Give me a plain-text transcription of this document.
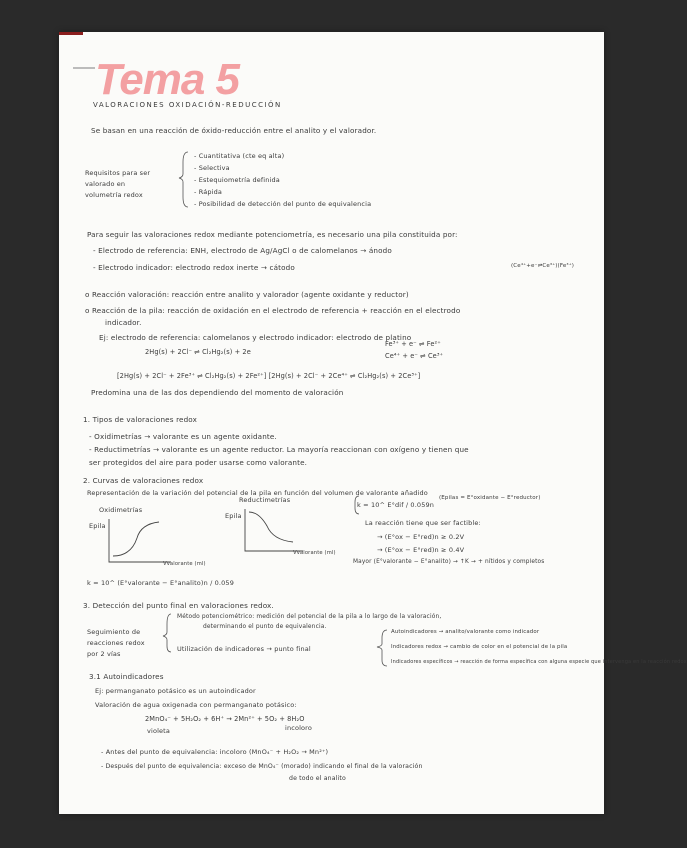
Tema 5
VALORACIONES OXIDACIÓN-REDUCCIÓN
Se basan en una reacción de óxido-reducción entre el analito y el valorador.
Requisitos para ser
valorado en
volumetría redox
- Cuantitativa (cte eq alta)
- Selectiva
- Estequiometría definida
- Rápida
- Posibilidad de detección del punto de equivalencia
Para seguir las valoraciones redox mediante potenciometría, es necesario una pila constituida por:
- Electrodo de referencia: ENH, electrodo de Ag/AgCl o de calomelanos → ánodo
- Electrodo indicador: electrodo redox inerte → cátodo	(Ce⁴⁺+e⁻⇌Ce³⁺)(Fe³⁺)
o Reacción valoración: reacción entre analito y valorador (agente oxidante y reductor)
o Reacción de la pila: reacción de oxidación en el electrodo de referencia + reacción en el electrodo
indicador.
Ej: electrodo de referencia: calomelanos y electrodo indicador: electrodo de platino
2Hg(s) + 2Cl⁻ ⇌ Cl₂Hg₂(s) + 2e
Fe³⁺ + e⁻ ⇌ Fe²⁺
Ce⁴⁺ + e⁻ ⇌ Ce³⁺
[2Hg(s) + 2Cl⁻ + 2Fe³⁺ ⇌ Cl₂Hg₂(s) + 2Fe²⁺] [2Hg(s) + 2Cl⁻ + 2Ce⁴⁺ ⇌ Cl₂Hg₂(s) + 2Ce³⁺]
Predomina una de las dos dependiendo del momento de valoración
1. Tipos de valoraciones redox
- Oxidimetrías → valorante es un agente oxidante.
- Reductimetrías → valorante es un agente reductor. La mayoría reaccionan con oxígeno y tienen que
ser protegidos del aire para poder usarse como valorante.
2. Curvas de valoraciones redox
Representación de la variación del potencial de la pila en función del volumen de valorante añadido
Oxidimetrías
Reductimetrías
Epila
Epila
Vvalorante (ml)
Vvalorante (ml)
k = 10^ E°dif / 0.059n
(Epilas = E°oxidante − E°reductor)
La reacción tiene que ser factible:
→ (E°ox − E°red)n ≥ 0.2V
→ (E°ox − E°red)n ≥ 0.4V
Mayor (E°valorante − E°analito) → ↑K → + nítidos y completos
k = 10^ (E°valorante − E°analito)n / 0.059
3. Detección del punto final en valoraciones redox.
Seguimiento de
reacciones redox
por 2 vías
Método potenciométrico: medición del potencial de la pila a lo largo de la valoración,
determinando el punto de equivalencia.
Utilización de indicadores → punto final
Autoindicadores → analito/valorante como indicador
Indicadores redox → cambio de color en el potencial de la pila
Indicadores específicos → reacción de forma específica con alguna especie que intervenga en la reacción redox
3.1 Autoindicadores
Ej: permanganato potásico es un autoindicador
Valoración de agua oxigenada con permanganato potásico:
2MnO₄⁻ + 5H₂O₂ + 6H⁺ → 2Mn²⁺ + 5O₂ + 8H₂O
violeta	incoloro
- Antes del punto de equivalencia: incoloro (MnO₄⁻ + H₂O₂ → Mn²⁺)
- Después del punto de equivalencia: exceso de MnO₄⁻ (morado) indicando el final de la valoración
de todo el analito
